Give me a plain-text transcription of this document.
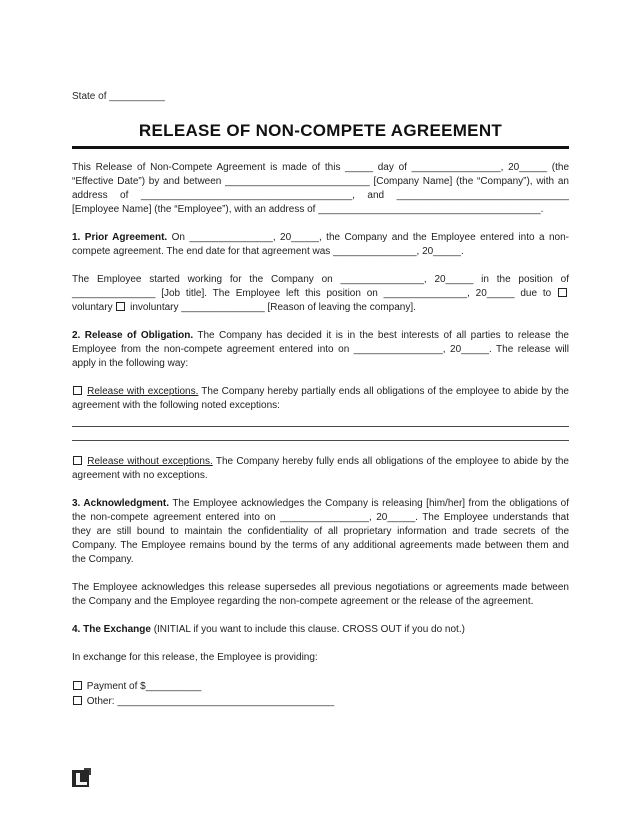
State of __________
RELEASE OF NON-COMPETE AGREEMENT

This Release of Non-Compete Agreement is made of this _____ day of ________________, 20_____ (the “Effective Date”) by and between __________________________ [Company Name] (the “Company”), with an address of ______________________________________, and _______________________________ [Employee Name] (the “Employee”), with an address of ________________________________________.

1. Prior Agreement. On _______________, 20_____, the Company and the Employee entered into a non-compete agreement. The end date for that agreement was _______________, 20_____.

The Employee started working for the Company on _______________, 20_____ in the position of _______________ [Job title]. The Employee left this position on _______________, 20_____ due to  voluntary involuntary _______________ [Reason of leaving the company].

2. Release of Obligation. The Company has decided it is in the best interests of all parties to release the Employee from the non-compete agreement entered into on ________________, 20_____. The release will apply in the following way:

Release with exceptions. The Company hereby partially ends all obligations of the employee to abide by the agreement with the following noted exceptions:

Release without exceptions. The Company hereby fully ends all obligations of the employee to abide by the agreement with no exceptions.

3. Acknowledgment. The Employee acknowledges the Company is releasing [him/her] from the obligations of the non-compete agreement entered into on ________________, 20_____. The Employee understands that they are still bound to maintain the confidentiality of all proprietary information and trade secrets of the Company. The Employee remains bound by the terms of any additional agreements made between them and the Company.

The Employee acknowledges this release supersedes all previous negotiations or agreements made between the Company and the Employee regarding the non-compete agreement or the release of the agreement.

4. The Exchange (INITIAL if you want to include this clause. CROSS OUT if you do not.)

In exchange for this release, the Employee is providing:

Payment of $__________
Other: _______________________________________
